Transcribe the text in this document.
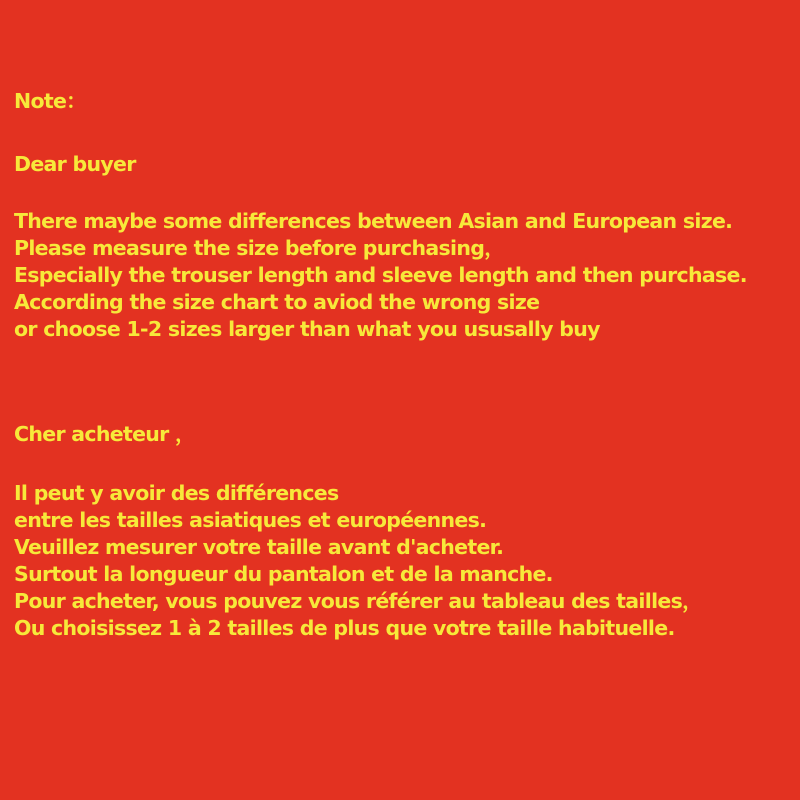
Note：
Dear buyer
There maybe some differences between Asian and European size.
Please measure the size before purchasing，
Especially the trouser length and sleeve length and then purchase.
According the size chart to aviod the wrong size
or choose 1-2 sizes larger than what you ususally buy
Cher acheteur ，
Il peut y avoir des différences
entre les tailles asiatiques et européennes.
Veuillez mesurer votre taille avant d'acheter.
Surtout la longueur du pantalon et de la manche.
Pour acheter, vous pouvez vous référer au tableau des tailles，
Ou choisissez 1 à 2 tailles de plus que votre taille habituelle.
